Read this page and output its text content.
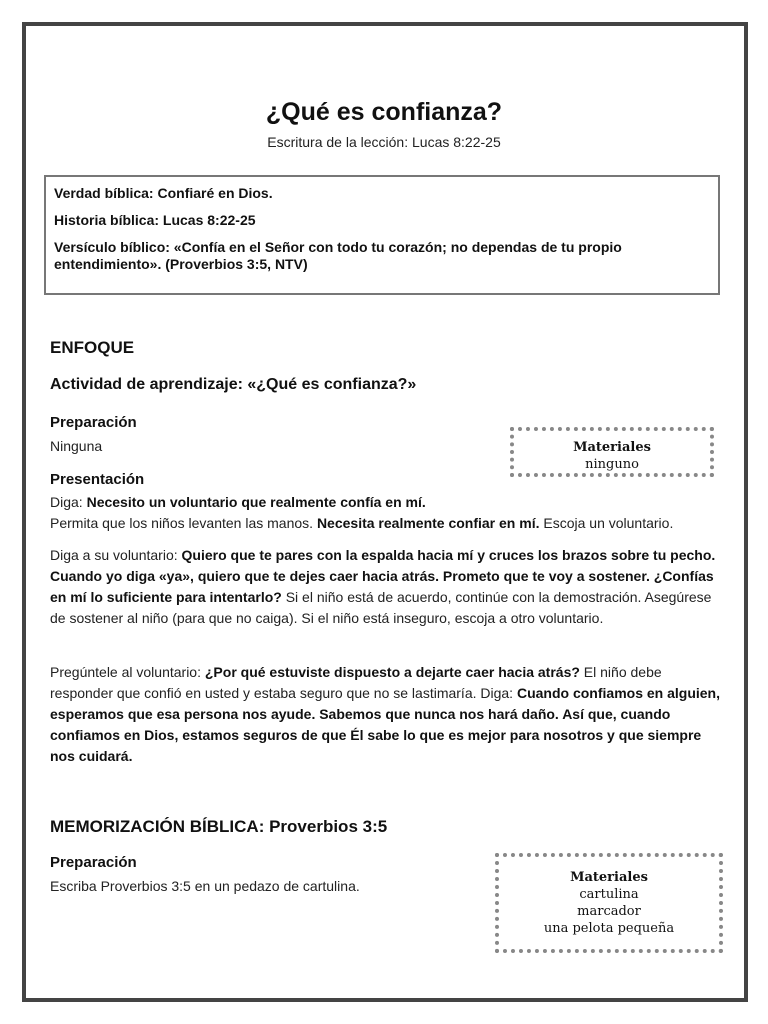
¿Qué es confianza?
Escritura de la lección: Lucas 8:22-25

Verdad bíblica: Confiaré en Dios.

Historia bíblica: Lucas 8:22-25

Versículo bíblico: «Confía en el Señor con todo tu corazón; no dependas de tu propio entendimiento». (Proverbios 3:5, NTV)

ENFOQUE
Actividad de aprendizaje: «¿Qué es confianza?»
Preparación
Ninguna	Materiales
ninguno
Presentación
Diga: Necesito un voluntario que realmente confía en mí.
Permita que los niños levanten las manos. Necesita realmente confiar en mí. Escoja un voluntario.
Diga a su voluntario: Quiero que te pares con la espalda hacia mí y cruces los brazos sobre tu pecho. Cuando yo diga «ya», quiero que te dejes caer hacia atrás. Prometo que te voy a sostener. ¿Confías en mí lo suficiente para intentarlo? Si el niño está de acuerdo, continúe con la demostración. Asegúrese de sostener al niño (para que no caiga). Si el niño está inseguro, escoja a otro voluntario.
Pregúntele al voluntario: ¿Por qué estuviste dispuesto a dejarte caer hacia atrás? El niño debe responder que confió en usted y estaba seguro que no se lastimaría. Diga: Cuando confiamos en alguien, esperamos que esa persona nos ayude. Sabemos que nunca nos hará daño. Así que, cuando confiamos en Dios, estamos seguros de que Él sabe lo que es mejor para nosotros y que siempre nos cuidará.
MEMORIZACIÓN BÍBLICA: Proverbios 3:5
Preparación
Escriba Proverbios 3:5 en un pedazo de cartulina.
Materiales
cartulina
marcador
una pelota pequeña
